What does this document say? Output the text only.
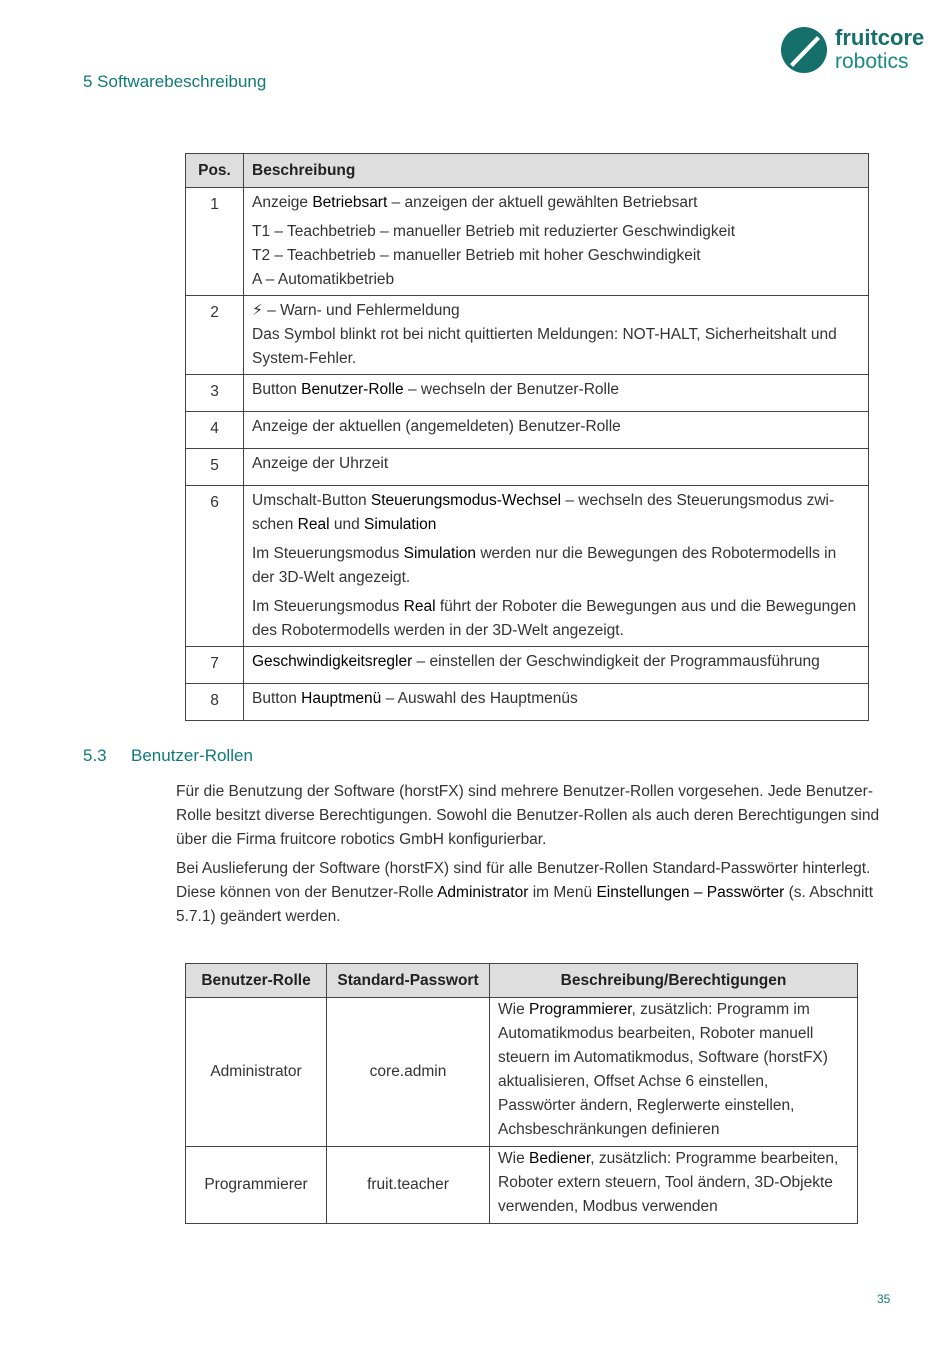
5 Softwarebeschreibung
fruitcore
robotics
Pos.	Beschreibung
1	Anzeige Betriebsart – anzeigen der aktuell gewählten Betriebsart

T1 – Teachbetrieb – manueller Betrieb mit reduzierter Geschwindigkeit

T2 – Teachbetrieb – manueller Betrieb mit hoher Geschwindigkeit

A – Automatikbetrieb

2	⚡ – Warn- und Fehlermeldung

Das Symbol blinkt rot bei nicht quittierten Meldungen: NOT-HALT, Sicherheitshalt und System-Fehler.

3	Button Benutzer-Rolle – wechseln der Benutzer-Rolle
4	Anzeige der aktuellen (angemeldeten) Benutzer-Rolle
5	Anzeige der Uhrzeit
6	Umschalt-Button Steuerungsmodus-Wechsel – wechseln des Steuerungsmodus zwi-schen Real und Simulation

Im Steuerungsmodus Simulation werden nur die Bewegungen des Robotermodells in der 3D-Welt angezeigt.

Im Steuerungsmodus Real führt der Roboter die Bewegungen aus und die Bewegungen des Robotermodells werden in der 3D-Welt angezeigt.

7	Geschwindigkeitsregler – einstellen der Geschwindigkeit der Programmausführung
8	Button Hauptmenü – Auswahl des Hauptmenüs
5.3 Benutzer-Rollen

Für die Benutzung der Software (horstFX) sind mehrere Benutzer-Rollen vorgesehen. Jede Benutzer-Rolle besitzt diverse Berechtigungen. Sowohl die Benutzer-Rollen als auch deren Berechtigungen sind über die Firma fruitcore robotics GmbH konfigurierbar.

Bei Auslieferung der Software (horstFX) sind für alle Benutzer-Rollen Standard-Passwörter hinterlegt. Diese können von der Benutzer-Rolle Administrator im Menü Einstellungen – Passwörter (s. Abschnitt 5.7.1) geändert werden.

Benutzer-Rolle	Standard-Passwort	Beschreibung/Berechtigungen
Administrator	core.admin	Wie Programmierer, zusätzlich: Programm im Automatikmodus bearbeiten, Roboter manuell steuern im Automatikmodus, Software (horstFX) aktualisieren, Offset Achse 6 einstellen, Passwörter ändern, Reglerwerte einstellen, Achsbeschränkungen definieren
Programmierer	fruit.teacher	Wie Bediener, zusätzlich: Programme bearbeiten, Roboter extern steuern, Tool ändern, 3D-Objekte verwenden, Modbus verwenden
35
